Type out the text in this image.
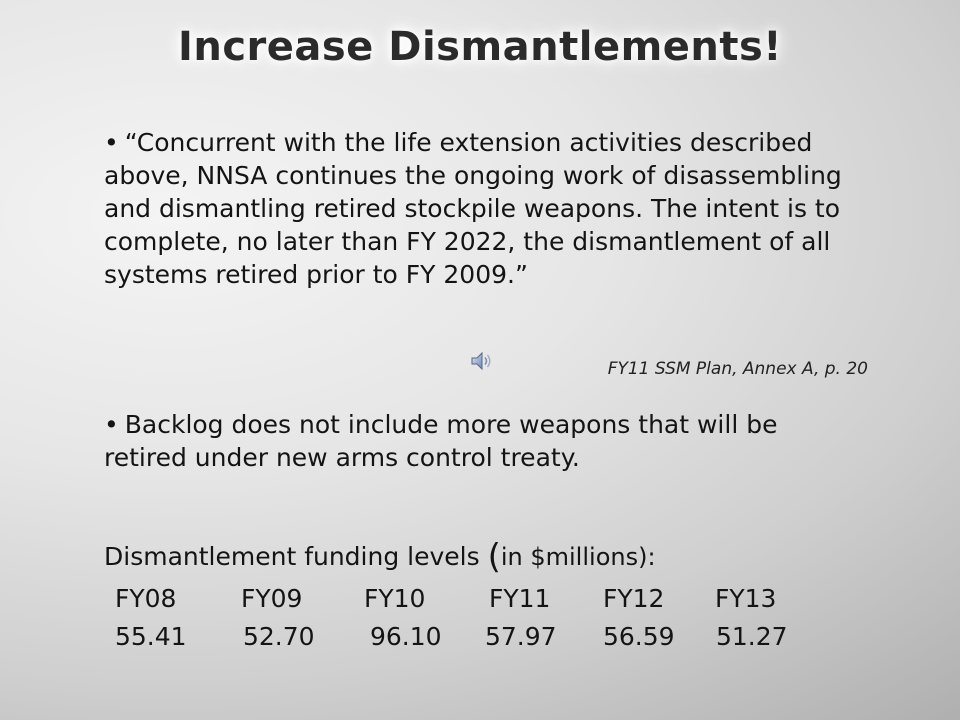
Increase Dismantlements!
• “Concurrent with the life extension activities described above, NNSA continues the ongoing work of disassembling and dismantling retired stockpile weapons. The intent is to complete, no later than FY 2022, the dismantlement of all systems retired prior to FY 2009.”
FY11 SSM Plan, Annex A, p. 20
• Backlog does not include more weapons that will be retired under new arms control treaty.
Dismantlement funding levels (in $millions):
FY08	FY09 FY10	FY11 FY12 FY13
55.41 52.70 96.10 57.97 56.59 51.27
